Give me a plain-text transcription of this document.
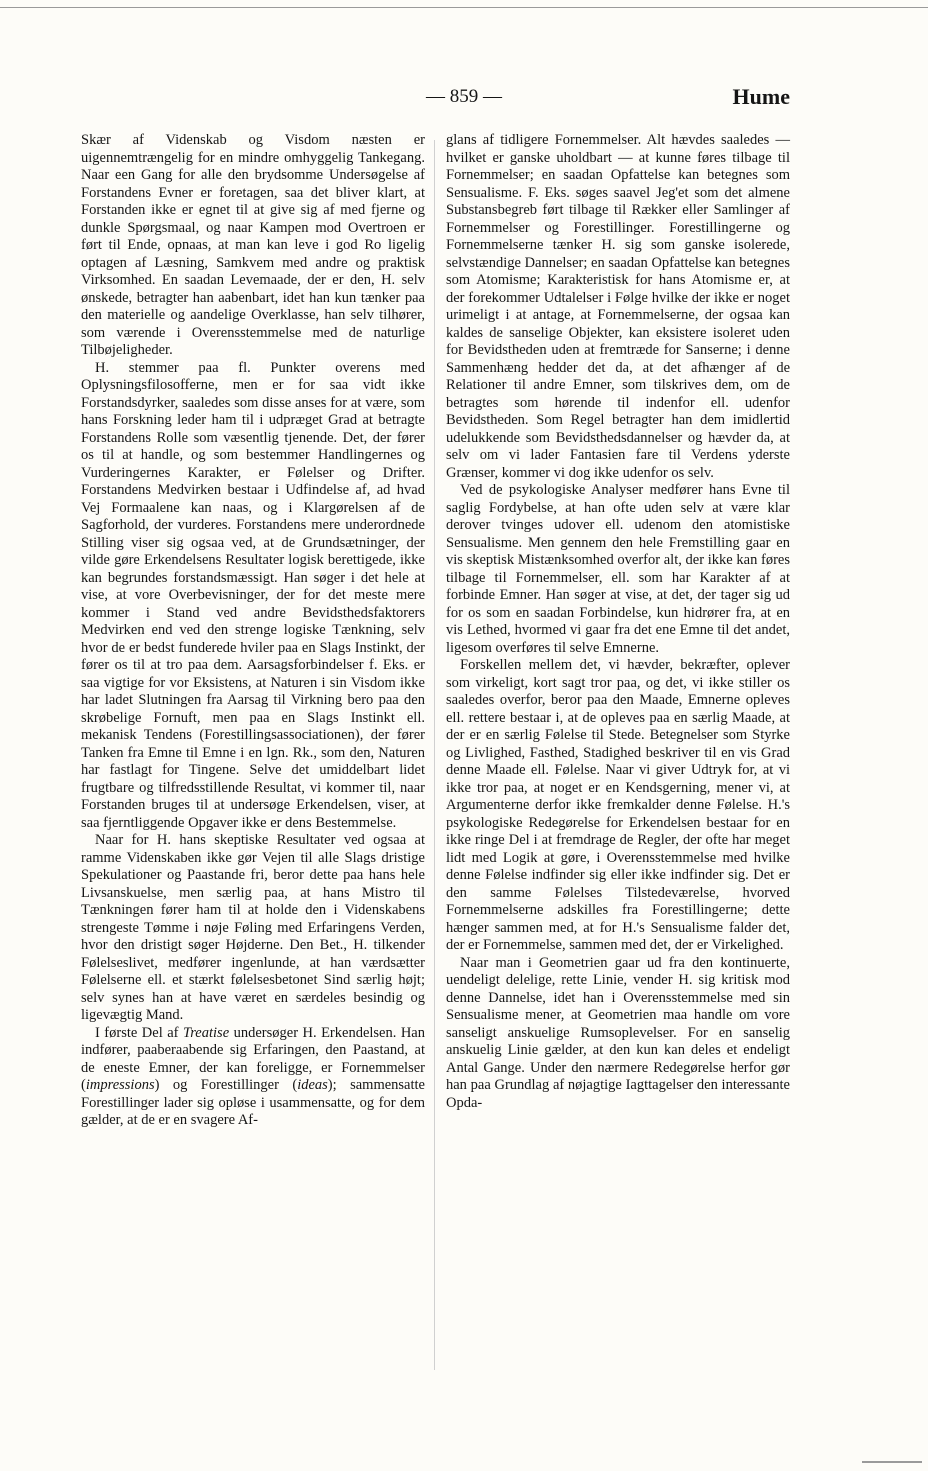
— 859 —	Hume

Skær af Videnskab og Visdom næsten er uigennemtrængelig for en mindre omhyggelig Tankegang. Naar een Gang for alle den brydsomme Undersøgelse af Forstandens Evner er foretagen, saa det bliver klart, at Forstanden ikke er egnet til at give sig af med fjerne og dunkle Spørgsmaal, og naar Kampen mod Overtroen er ført til Ende, opnaas, at man kan leve i god Ro ligelig optagen af Læsning, Samkvem med andre og praktisk Virksomhed. En saadan Levemaade, der er den, H. selv ønskede, betragter han aabenbart, idet han kun tænker paa den materielle og aandelige Overklasse, han selv tilhører, som værende i Overensstemmelse med de naturlige Tilbøjeligheder.

H. stemmer paa fl. Punkter overens med Oplysningsfilosofferne, men er for saa vidt ikke Forstandsdyrker, saaledes som disse anses for at være, som hans Forskning leder ham til i udpræget Grad at betragte Forstandens Rolle som væsentlig tjenende. Det, der fører os til at handle, og som bestemmer Handlingernes og Vurderingernes Karakter, er Følelser og Drifter. Forstandens Medvirken bestaar i Udfindelse af, ad hvad Vej Formaalene kan naas, og i Klargørelsen af de Sagforhold, der vurderes. Forstandens mere underordnede Stilling viser sig ogsaa ved, at de Grundsætninger, der vilde gøre Erkendelsens Resultater logisk berettigede, ikke kan begrundes forstandsmæssigt. Han søger i det hele at vise, at vore Overbevisninger, der for det meste mere kommer i Stand ved andre Bevidsthedsfaktorers Medvirken end ved den strenge logiske Tænkning, selv hvor de er bedst funderede hviler paa en Slags Instinkt, der fører os til at tro paa dem. Aarsagsforbindelser f. Eks. er saa vigtige for vor Eksistens, at Naturen i sin Visdom ikke har ladet Slutningen fra Aarsag til Virkning bero paa den skrøbelige Fornuft, men paa en Slags Instinkt ell. mekanisk Tendens (Forestillingsassociationen), der fører Tanken fra Emne til Emne i en lgn. Rk., som den, Naturen har fastlagt for Tingene. Selve det umiddelbart lidet frugtbare og tilfredsstillende Resultat, vi kommer til, naar Forstanden bruges til at undersøge Erkendelsen, viser, at saa fjerntliggende Opgaver ikke er dens Bestemmelse.

Naar for H. hans skeptiske Resultater ved ogsaa at ramme Videnskaben ikke gør Vejen til alle Slags dristige Spekulationer og Paastande fri, beror dette paa hans hele Livsanskuelse, men særlig paa, at hans Mistro til Tænkningen fører ham til at holde den i Videnskabens strengeste Tømme i nøje Føling med Erfaringens Verden, hvor den dristigt søger Højderne. Den Bet., H. tilkender Følelseslivet, medfører ingenlunde, at han værdsætter Følelserne ell. et stærkt følelsesbetonet Sind særlig højt; selv synes han at have været en særdeles besindig og ligevægtig Mand.

I første Del af Treatise undersøger H. Erkendelsen. Han indfører, paaberaabende sig Erfaringen, den Paastand, at de eneste Emner, der kan foreligge, er Fornemmelser (impressions) og Forestillinger (ideas); sammensatte Forestillinger lader sig opløse i usammensatte, og for dem gælder, at de er en svagere Af-

glans af tidligere Fornemmelser. Alt hævdes saaledes — hvilket er ganske uholdbart — at kunne føres tilbage til Fornemmelser; en saadan Opfattelse kan betegnes som Sensualisme. F. Eks. søges saavel Jeg'et som det almene Substansbegreb ført tilbage til Rækker eller Samlinger af Fornemmelser og Forestillinger. Forestillingerne og Fornemmelserne tænker H. sig som ganske isolerede, selvstændige Dannelser; en saadan Opfattelse kan betegnes som Atomisme; Karakteristisk for hans Atomisme er, at der forekommer Udtalelser i Følge hvilke der ikke er noget urimeligt i at antage, at Fornemmelserne, der ogsaa kan kaldes de sanselige Objekter, kan eksistere isoleret uden for Bevidstheden uden at fremtræde for Sanserne; i denne Sammenhæng hedder det da, at det afhænger af de Relationer til andre Emner, som tilskrives dem, om de betragtes som hørende til indenfor ell. udenfor Bevidstheden. Som Regel betragter han dem imidlertid udelukkende som Bevidsthedsdannelser og hævder da, at selv om vi lader Fantasien fare til Verdens yderste Grænser, kommer vi dog ikke udenfor os selv.

Ved de psykologiske Analyser medfører hans Evne til saglig Fordybelse, at han ofte uden selv at være klar derover tvinges udover ell. udenom den atomistiske Sensualisme. Men gennem den hele Fremstilling gaar en vis skeptisk Mistænksomhed overfor alt, der ikke kan føres tilbage til Fornemmelser, ell. som har Karakter af at forbinde Emner. Han søger at vise, at det, der tager sig ud for os som en saadan Forbindelse, kun hidrører fra, at en vis Lethed, hvormed vi gaar fra det ene Emne til det andet, ligesom overføres til selve Emnerne.

Forskellen mellem det, vi hævder, bekræfter, oplever som virkeligt, kort sagt tror paa, og det, vi ikke stiller os saaledes overfor, beror paa den Maade, Emnerne opleves ell. rettere bestaar i, at de opleves paa en særlig Maade, at der er en særlig Følelse til Stede. Betegnelser som Styrke og Livlighed, Fasthed, Stadighed beskriver til en vis Grad denne Maade ell. Følelse. Naar vi giver Udtryk for, at vi ikke tror paa, at noget er en Kendsgerning, mener vi, at Argumenterne derfor ikke fremkalder denne Følelse. H.'s psykologiske Redegørelse for Erkendelsen bestaar for en ikke ringe Del i at fremdrage de Regler, der ofte har meget lidt med Logik at gøre, i Overensstemmelse med hvilke denne Følelse indfinder sig eller ikke indfinder sig. Det er den samme Følelses Tilstedeværelse, hvorved Fornemmelserne adskilles fra Forestillingerne; dette hænger sammen med, at for H.'s Sensualisme falder det, der er Fornemmelse, sammen med det, der er Virkelighed.

Naar man i Geometrien gaar ud fra den kontinuerte, uendeligt delelige, rette Linie, vender H. sig kritisk mod denne Dannelse, idet han i Overensstemmelse med sin Sensualisme mener, at Geometrien maa handle om vore sanseligt anskuelige Rumsoplevelser. For en sanselig anskuelig Linie gælder, at den kun kan deles et endeligt Antal Gange. Under den nærmere Redegørelse herfor gør han paa Grundlag af nøjagtige Iagttagelser den interessante Opda-
